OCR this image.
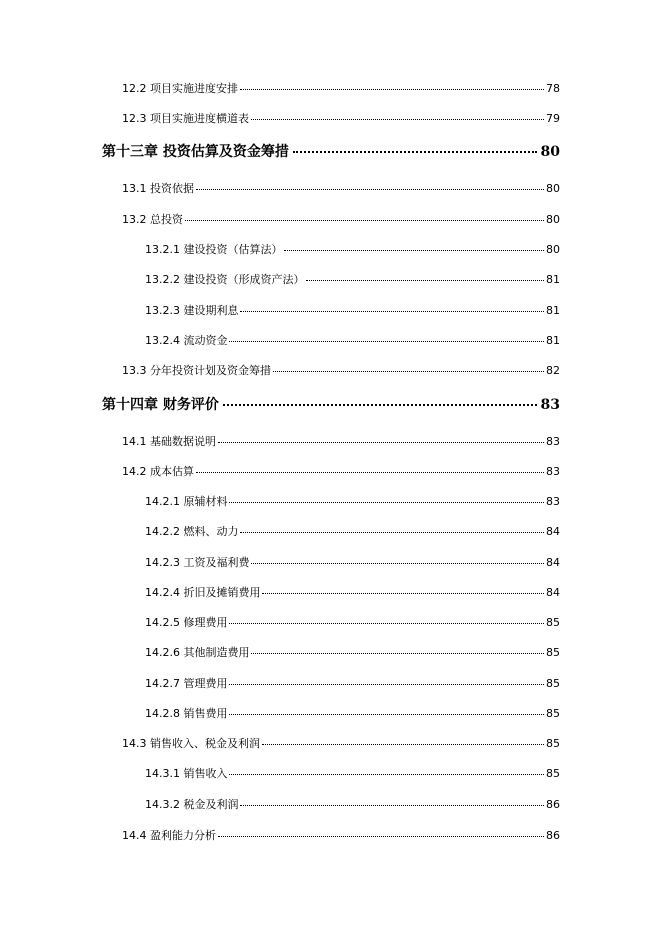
12.2 项目实施进度安排	78
12.3 项目实施进度横道表	79
第十三章 投资估算及资金筹措	80
13.1 投资依据	80
13.2 总投资	80
13.2.1 建设投资（估算法）	80
13.2.2 建设投资（形成资产法）	81
13.2.3 建设期利息	81
13.2.4 流动资金	81
13.3 分年投资计划及资金筹措	82
第十四章 财务评价	83
14.1 基础数据说明	83
14.2 成本估算	83
14.2.1 原辅材料	83
14.2.2 燃料、动力	84
14.2.3 工资及福利费	84
14.2.4 折旧及摊销费用	84
14.2.5 修理费用	85
14.2.6 其他制造费用	85
14.2.7 管理费用	85
14.2.8 销售费用	85
14.3 销售收入、税金及利润	85
14.3.1 销售收入	85
14.3.2 税金及利润	86
14.4 盈利能力分析	86
